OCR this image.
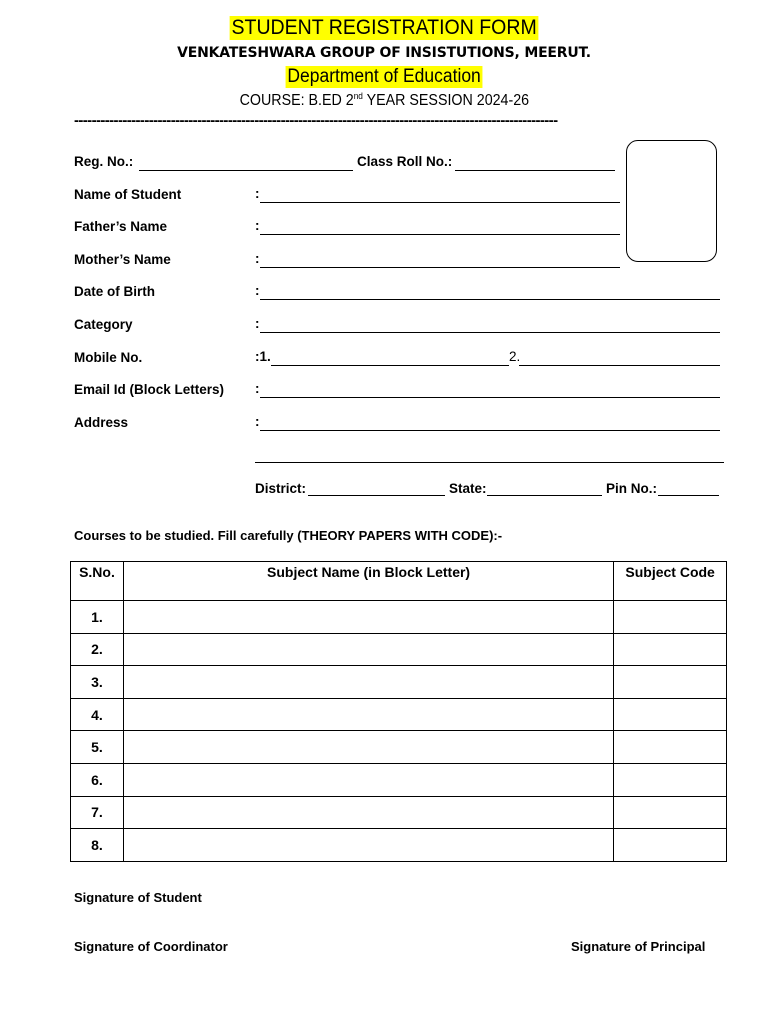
STUDENT REGISTRATION FORM
VENKATESHWARA GROUP OF INSISTUTIONS, MEERUT.
Department of Education
COURSE: B.ED 2nd YEAR SESSION 2024-26
--------------------------------------------------------------------------------------------------------------
Reg. No.:	Class Roll No.:
Name of Student	:
Father’s Name	:
Mother’s Name	:
Date of Birth	:
Category	:
Mobile No.	:1.	2.
Email Id (Block Letters) :
Address	:
District:	State:	Pin No.:
Courses to be studied. Fill carefully (THEORY PAPERS WITH CODE):-
S.No.	Subject Name (in Block Letter)	Subject Code
1.		
2.		
3.		
4.		
5.		
6.		
7.		
8.		
Signature of Student
Signature of Coordinator	Signature of Principal
